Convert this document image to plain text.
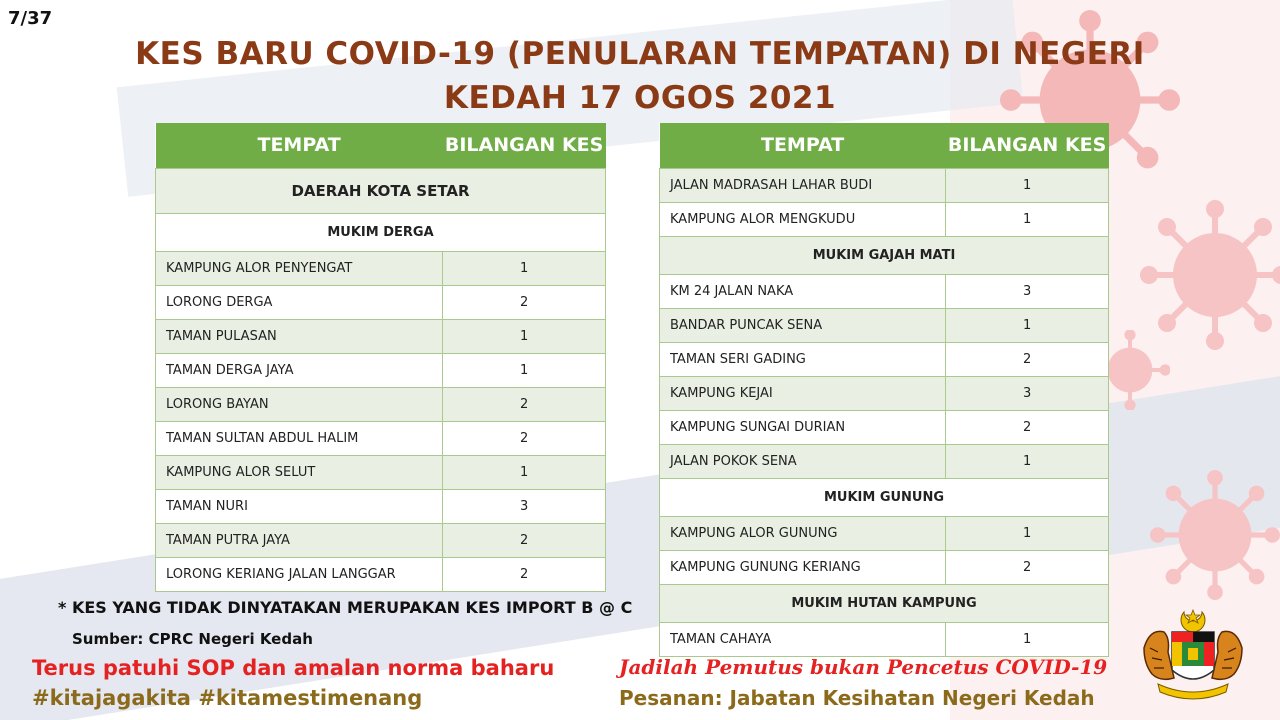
7/37
KES BARU COVID-19 (PENULARAN TEMPATAN) DI NEGERI
KEDAH 17 OGOS 2021
TEMPAT	BILANGAN KES
DAERAH KOTA SETAR	
MUKIM DERGA	
KAMPUNG ALOR PENYENGAT	1
LORONG DERGA	2
TAMAN PULASAN	1
TAMAN DERGA JAYA	1
LORONG BAYAN	2
TAMAN SULTAN ABDUL HALIM	2
KAMPUNG ALOR SELUT	1
TAMAN NURI	3
TAMAN PUTRA JAYA	2
LORONG KERIANG JALAN LANGGAR	2
TEMPAT	BILANGAN KES
JALAN MADRASAH LAHAR BUDI	1
KAMPUNG ALOR MENGKUDU	1
MUKIM GAJAH MATI	
KM 24 JALAN NAKA	3
BANDAR PUNCAK SENA	1
TAMAN SERI GADING	2
KAMPUNG KEJAI	3
KAMPUNG SUNGAI DURIAN	2
JALAN POKOK SENA	1
MUKIM GUNUNG	
KAMPUNG ALOR GUNUNG	1
KAMPUNG GUNUNG KERIANG	2
MUKIM HUTAN KAMPUNG	
TAMAN CAHAYA	1
* KES YANG TIDAK DINYATAKAN MERUPAKAN KES IMPORT B @ C
Sumber: CPRC Negeri Kedah
Terus patuhi SOP dan amalan norma baharu
#kitajagakita #kitamestimenang
Jadilah Pemutus bukan Pencetus COVID-19
Pesanan: Jabatan Kesihatan Negeri Kedah
